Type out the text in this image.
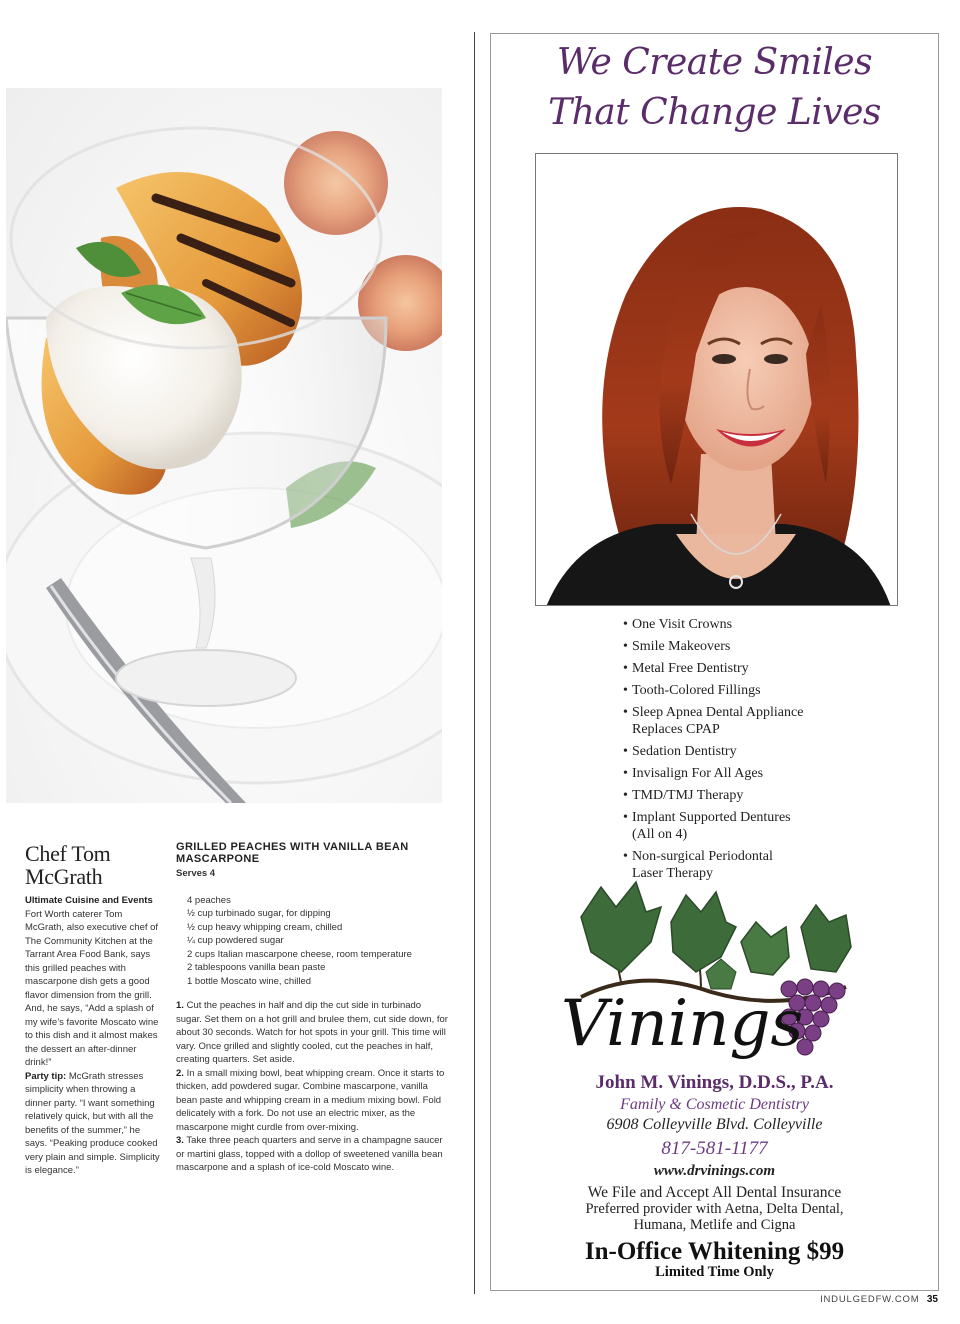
Chef Tom
McGrath
Ultimate Cuisine and Events

Fort Worth caterer Tom McGrath, also executive chef of The Community Kitchen at the Tarrant Area Food Bank, says this grilled peaches with mascarpone dish gets a good flavor dimension from the grill. And, he says, “Add a splash of my wife’s favorite Moscato wine to this dish and it almost makes the dessert an after-dinner drink!”

Party tip: McGrath stresses simplicity when throwing a dinner party. “I want something relatively quick, but with all the benefits of the summer,” he says. “Peaking produce cooked very plain and simple. Simplicity is elegance.”

GRILLED PEACHES WITH VANILLA BEAN MASCARPONE
Serves 4
4 peaches
½ cup turbinado sugar, for dipping
½ cup heavy whipping cream, chilled
¼ cup powdered sugar
2 cups Italian mascarpone cheese, room temperature
2 tablespoons vanilla bean paste
1 bottle Moscato wine, chilled

1. Cut the peaches in half and dip the cut side in turbinado sugar. Set them on a hot grill and brulee them, cut side down, for about 30 seconds. Watch for hot spots in your grill. This time will vary. Once grilled and slightly cooled, cut the peaches in half, creating quarters. Set aside.

2. In a small mixing bowl, beat whipping cream. Once it starts to thicken, add powdered sugar. Combine mascarpone, vanilla bean paste and whipping cream in a medium mixing bowl. Fold delicately with a fork. Do not use an electric mixer, as the mascarpone might curdle from over-mixing.

3. Take three peach quarters and serve in a champagne saucer or martini glass, topped with a dollop of sweetened vanilla bean mascarpone and a splash of ice-cold Moscato wine.

We Create Smiles
That Change Lives
• One Visit Crowns
• Smile Makeovers
• Metal Free Dentistry
• Tooth-Colored Fillings
• Sleep Apnea Dental Appliance
Replaces CPAP
• Sedation Dentistry
• Invisalign For All Ages
• TMD/TMJ Therapy
• Implant Supported Dentures
(All on 4)
• Non-surgical Periodontal
Laser Therapy
Vinings
John M. Vinings, D.D.S., P.A.
Family & Cosmetic Dentistry
6908 Colleyville Blvd. Colleyville
817-581-1177
www.drvinings.com
We File and Accept All Dental Insurance
Preferred provider with Aetna, Delta Dental,
Humana, Metlife and Cigna
In-Office Whitening $99
Limited Time Only
INDULGEDFW.COM 35
